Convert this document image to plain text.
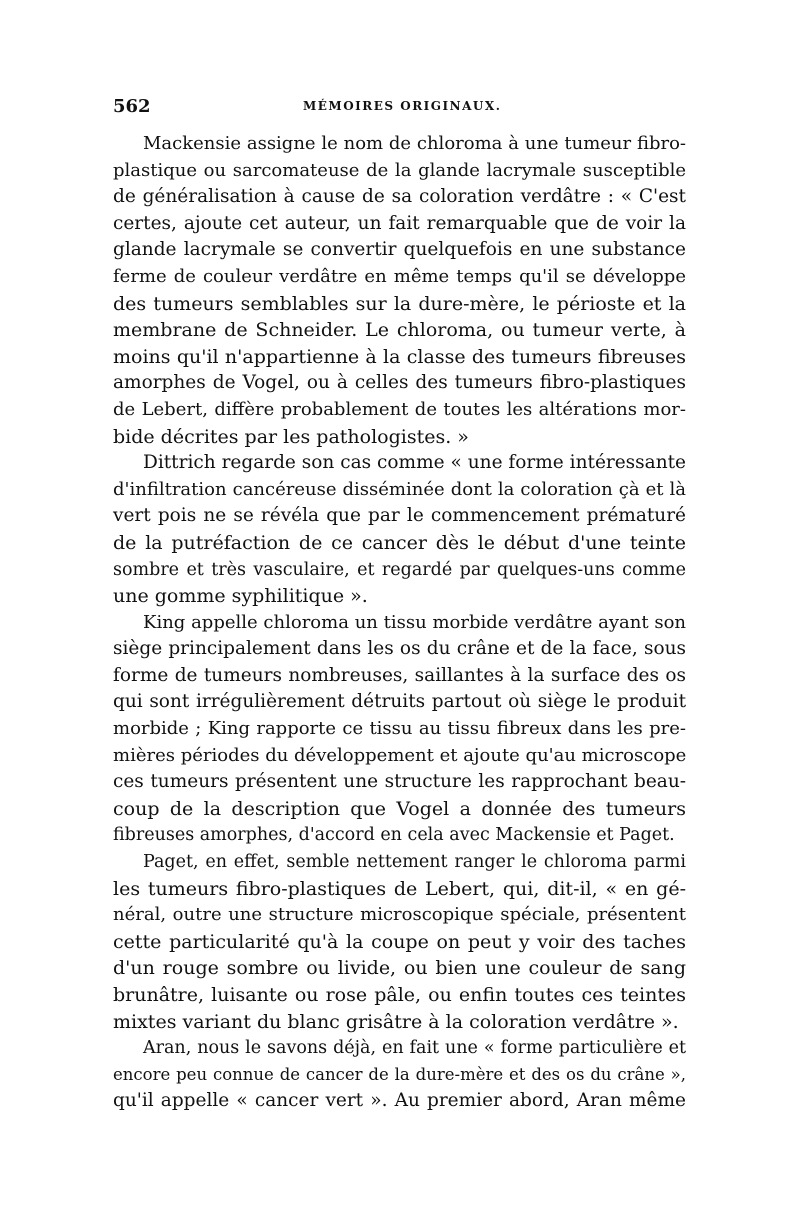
562	MÉMOIRES ORIGINAUX.
Mackensie assigne le nom de chloroma à une tumeur fibro-
plastique ou sarcomateuse de la glande lacrymale susceptible
de généralisation à cause de sa coloration verdâtre : « C'est
certes, ajoute cet auteur, un fait remarquable que de voir la
glande lacrymale se convertir quelquefois en une substance
ferme de couleur verdâtre en même temps qu'il se développe
des tumeurs semblables sur la dure-mère, le périoste et la
membrane de Schneider. Le chloroma, ou tumeur verte, à
moins qu'il n'appartienne à la classe des tumeurs fibreuses
amorphes de Vogel, ou à celles des tumeurs fibro-plastiques
de Lebert, diffère probablement de toutes les altérations mor-
bide décrites par les pathologistes. »
Dittrich regarde son cas comme « une forme intéressante
d'infiltration cancéreuse disséminée dont la coloration çà et là
vert pois ne se révéla que par le commencement prématuré
de la putréfaction de ce cancer dès le début d'une teinte
sombre et très vasculaire, et regardé par quelques-uns comme
une gomme syphilitique ».
King appelle chloroma un tissu morbide verdâtre ayant son
siège principalement dans les os du crâne et de la face, sous
forme de tumeurs nombreuses, saillantes à la surface des os
qui sont irrégulièrement détruits partout où siège le produit
morbide ; King rapporte ce tissu au tissu fibreux dans les pre-
mières périodes du développement et ajoute qu'au microscope
ces tumeurs présentent une structure les rapprochant beau-
coup de la description que Vogel a donnée des tumeurs
fibreuses amorphes, d'accord en cela avec Mackensie et Paget.
Paget, en effet, semble nettement ranger le chloroma parmi
les tumeurs fibro-plastiques de Lebert, qui, dit-il, « en gé-
néral, outre une structure microscopique spéciale, présentent
cette particularité qu'à la coupe on peut y voir des taches
d'un rouge sombre ou livide, ou bien une couleur de sang
brunâtre, luisante ou rose pâle, ou enfin toutes ces teintes
mixtes variant du blanc grisâtre à la coloration verdâtre ».
Aran, nous le savons déjà, en fait une « forme particulière et
encore peu connue de cancer de la dure-mère et des os du crâne »,
qu'il appelle « cancer vert ». Au premier abord, Aran même
